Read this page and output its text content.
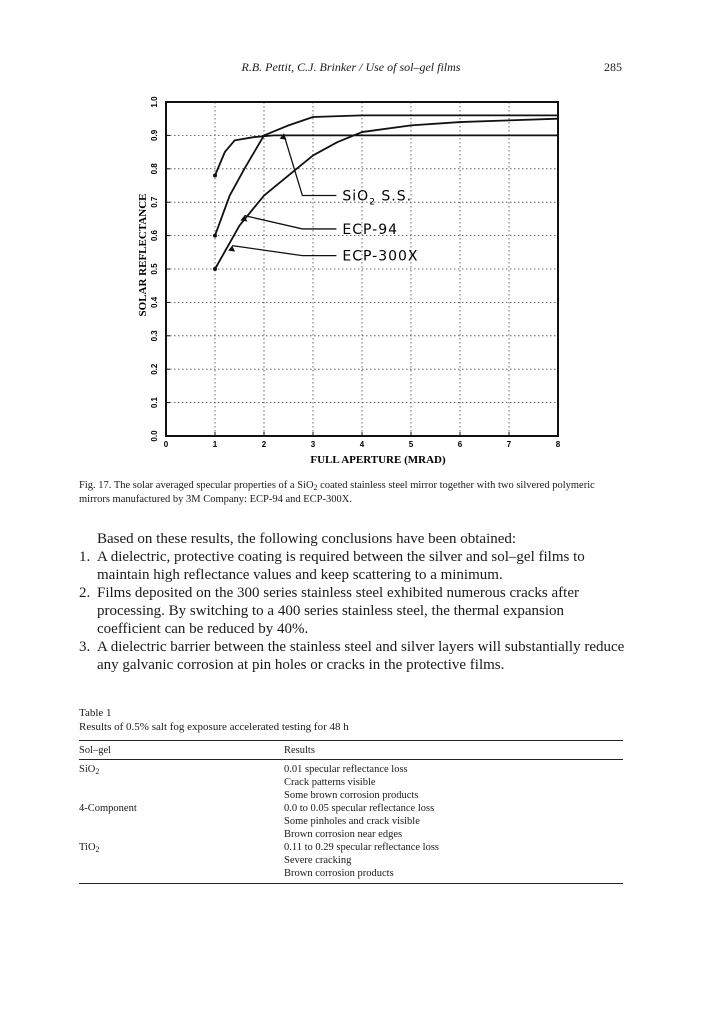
R.B. Pettit, C.J. Brinker / Use of sol–gel films	285
0	1	2	3	4	5	6	7	8
0.0
0.1
0.2
0.3
0.4
0.5
0.6
0.7
0.8
0.9
1.0
FULL APERTURE (MRAD)
SOLAR REFLECTANCE	SiO$_2$ S.S.
ECP-94
ECP-300X
Fig. 17. The solar averaged specular properties of a SiO$_2$ coated stainless steel mirror together with two silvered polymeric mirrors manufactured by 3M Company: ECP-94 and ECP-300X.
Based on these results, the following conclusions have been obtained:
1. A dielectric, protective coating is required between the silver and sol–gel films to maintain high reflectance values and keep scattering to a minimum.
2. Films deposited on the 300 series stainless steel exhibited numerous cracks after processing. By switching to a 400 series stainless steel, the thermal expansion coefficient can be reduced by 40%.
3. A dielectric barrier between the stainless steel and silver layers will substantially reduce any galvanic corrosion at pin holes or cracks in the protective films.
Table 1
Results of 0.5% salt fog exposure accelerated testing for 48 h
Sol–gel	Results
SiO$_2$	0.01 specular reflectance loss
	Crack patterns visible
	Some brown corrosion products
4-Component	0.0 to 0.05 specular reflectance loss
	Some pinholes and crack visible
	Brown corrosion near edges
TiO$_2$	0.11 to 0.29 specular reflectance loss
	Severe cracking
	Brown corrosion products
